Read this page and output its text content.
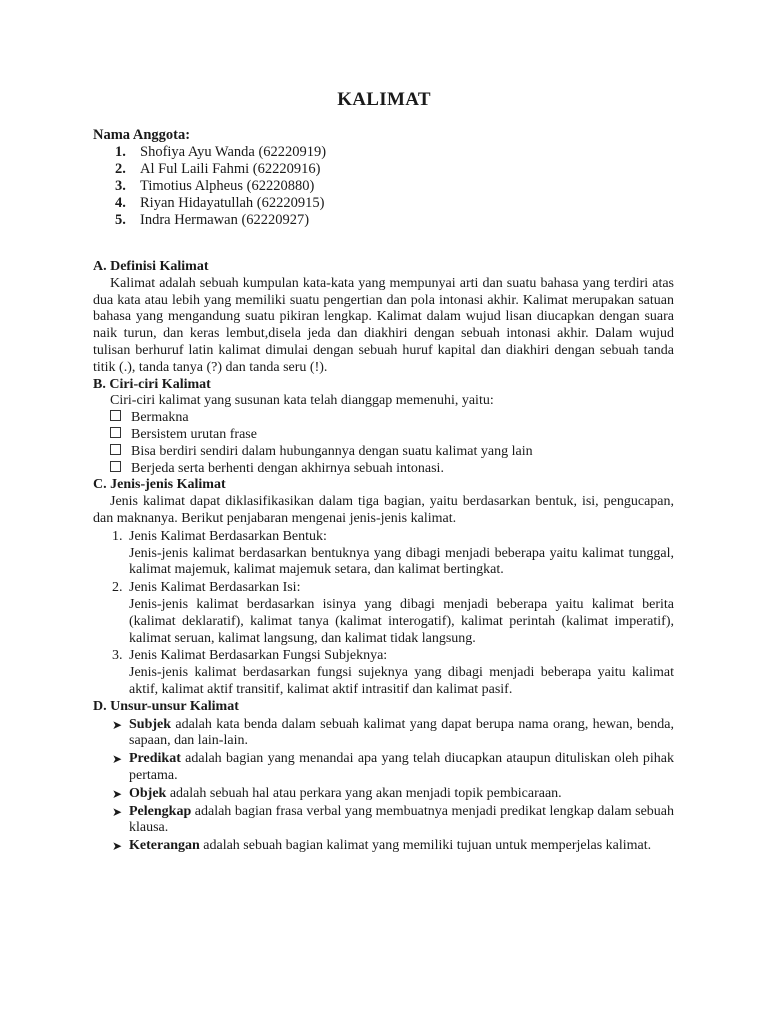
KALIMAT
Nama Anggota:
1. Shofiya Ayu Wanda (62220919)
2. Al Ful Laili Fahmi (62220916)
3. Timotius Alpheus (62220880)
4. Riyan Hidayatullah (62220915)
5. Indra Hermawan (62220927)

A. Definisi Kalimat

Kalimat adalah sebuah kumpulan kata-kata yang mempunyai arti dan suatu bahasa yang terdiri atas dua kata atau lebih yang memiliki suatu pengertian dan pola intonasi akhir. Kalimat merupakan satuan bahasa yang mengandung suatu pikiran lengkap. Kalimat dalam wujud lisan diucapkan dengan suara naik turun, dan keras lembut,disela jeda dan diakhiri dengan sebuah intonasi akhir. Dalam wujud tulisan berhuruf latin kalimat dimulai dengan sebuah huruf kapital dan diakhiri dengan sebuah tanda titik (.), tanda tanya (?) dan tanda seru (!).

B. Ciri-ciri Kalimat

Ciri-ciri kalimat yang susunan kata telah dianggap memenuhi, yaitu:

Bermakna
Bersistem urutan frase
Bisa berdiri sendiri dalam hubungannya dengan suatu kalimat yang lain
Berjeda serta berhenti dengan akhirnya sebuah intonasi.

C. Jenis-jenis Kalimat

Jenis kalimat dapat diklasifikasikan dalam tiga bagian, yaitu berdasarkan bentuk, isi, pengucapan, dan maknanya. Berikut penjabaran mengenai jenis-jenis kalimat.

1. Jenis Kalimat Berdasarkan Bentuk:
Jenis-jenis kalimat berdasarkan bentuknya yang dibagi menjadi beberapa yaitu kalimat tunggal, kalimat majemuk, kalimat majemuk setara, dan kalimat bertingkat.
2. Jenis Kalimat Berdasarkan Isi:
Jenis-jenis kalimat berdasarkan isinya yang dibagi menjadi beberapa yaitu kalimat berita (kalimat deklaratif), kalimat tanya (kalimat interogatif), kalimat perintah (kalimat imperatif), kalimat seruan, kalimat langsung, dan kalimat tidak langsung.
3. Jenis Kalimat Berdasarkan Fungsi Subjeknya:
Jenis-jenis kalimat berdasarkan fungsi sujeknya yang dibagi menjadi beberapa yaitu kalimat aktif, kalimat aktif transitif, kalimat aktif intrasitif dan kalimat pasif.

D. Unsur-unsur Kalimat

➤ Subjek adalah kata benda dalam sebuah kalimat yang dapat berupa nama orang, hewan, benda, sapaan, dan lain-lain.
➤ Predikat adalah bagian yang menandai apa yang telah diucapkan ataupun dituliskan oleh pihak pertama.
➤ Objek adalah sebuah hal atau perkara yang akan menjadi topik pembicaraan.
➤ Pelengkap adalah bagian frasa verbal yang membuatnya menjadi predikat lengkap dalam sebuah klausa.
➤ Keterangan adalah sebuah bagian kalimat yang memiliki tujuan untuk memperjelas kalimat.
